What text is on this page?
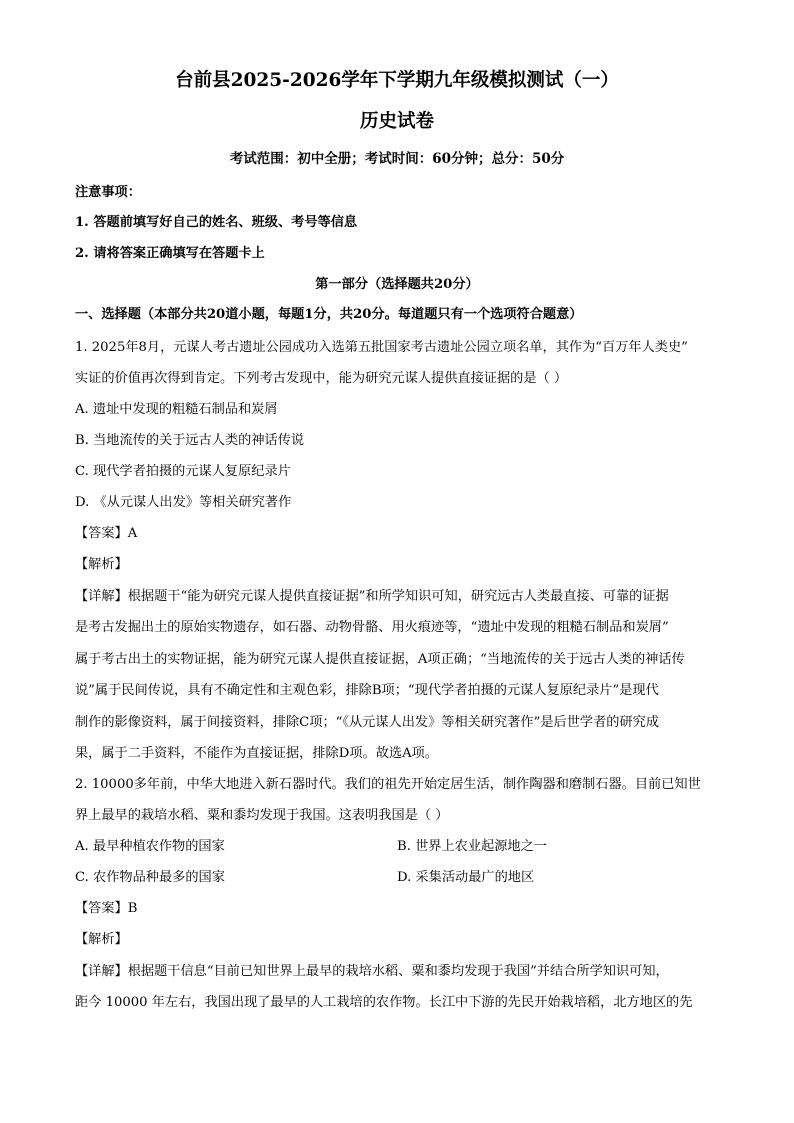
台前县2025-2026学年下学期九年级模拟测试（一）
历史试卷
考试范围：初中全册；考试时间：60分钟；总分：50分
注意事项：
1. 答题前填写好自己的姓名、班级、考号等信息
2. 请将答案正确填写在答题卡上
第一部分（选择题共20分）
一、选择题（本部分共20道小题，每题1分，共20分。每道题只有一个选项符合题意）
1. 2025年8月，元谋人考古遗址公园成功入选第五批国家考古遗址公园立项名单，其作为“百万年人类史”
实证的价值再次得到肯定。下列考古发现中，能为研究元谋人提供直接证据的是（ ）
A. 遗址中发现的粗糙石制品和炭屑
B. 当地流传的关于远古人类的神话传说
C. 现代学者拍摄的元谋人复原纪录片
D. 《从元谋人出发》等相关研究著作
【答案】A
【解析】
【详解】根据题干“能为研究元谋人提供直接证据”和所学知识可知，研究远古人类最直接、可靠的证据
是考古发掘出土的原始实物遗存，如石器、动物骨骼、用火痕迹等，“遗址中发现的粗糙石制品和炭屑”
属于考古出土的实物证据，能为研究元谋人提供直接证据，A项正确；“当地流传的关于远古人类的神话传
说”属于民间传说，具有不确定性和主观色彩，排除B项；“现代学者拍摄的元谋人复原纪录片”是现代
制作的影像资料，属于间接资料，排除C项；“《从元谋人出发》等相关研究著作”是后世学者的研究成
果，属于二手资料，不能作为直接证据，排除D项。故选A项。
2. 10000多年前，中华大地进入新石器时代。我们的祖先开始定居生活，制作陶器和磨制石器。目前已知世
界上最早的栽培水稻、粟和黍均发现于我国。这表明我国是（ ）
A. 最早种植农作物的国家	B. 世界上农业起源地之一
C. 农作物品种最多的国家	D. 采集活动最广的地区
【答案】B
【解析】
【详解】根据题干信息“目前已知世界上最早的栽培水稻、粟和黍均发现于我国”并结合所学知识可知，
距今 10000 年左右，我国出现了最早的人工栽培的农作物。长江中下游的先民开始栽培稻，北方地区的先
